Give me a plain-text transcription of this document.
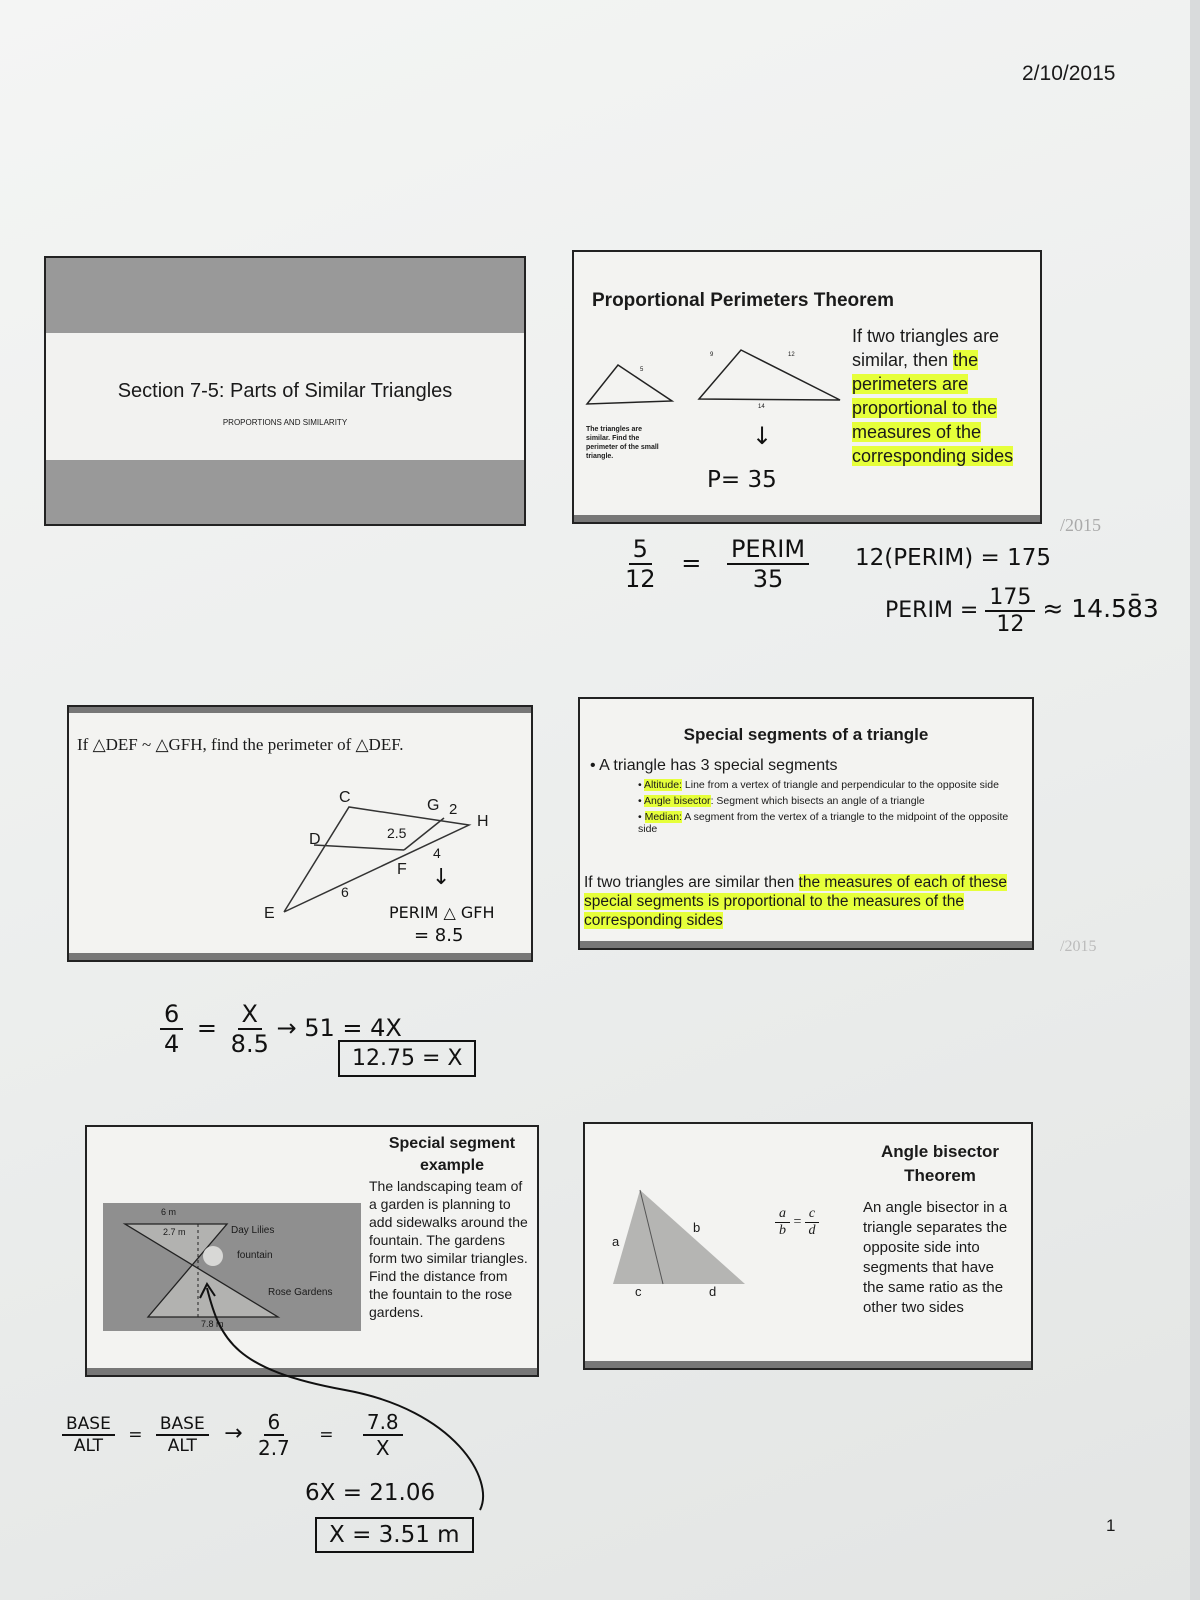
2/10/2015
1
Section 7-5: Parts of Similar Triangles
PROPORTIONS AND SIMILARITY
Proportional Perimeters Theorem
5
9	12
14
The triangles are similar. Find the perimeter of the small triangle.
If two triangles are similar, then the perimeters are proportional to the measures of the corresponding sides
↓
P= 35
/2015
$\frac{5}{12} = \frac{\text{PERIM}}{35}$ 12(PERIM) = 175
PERIM = $\frac{175}{12}$ ≈ 14.58̄3
If △DEF ~ △GFH, find the perimeter of △DEF.
C	G 2
H
D	2.5
F
4
6
E
↓
PERIM △ GFH
= 8.5
$\frac{6}{4} = \frac{X}{8.5} \to 51 = 4X$
12.75 = X
Special segments of a triangle
• A triangle has 3 special segments
• Altitude: Line from a vertex of triangle and perpendicular to the opposite side
• Angle bisector: Segment which bisects an angle of a triangle
• Median: A segment from the vertex of a triangle to the midpoint of the opposite side
If two triangles are similar then the measures of each of these special segments is proportional to the measures of the corresponding sides
/2015
Special segment example
The landscaping team of a garden is planning to add sidewalks around the fountain. The gardens form two similar triangles. Find the distance from the fountain to the rose gardens.
6 m
2.7 m	Day Lilies
fountain
Rose Gardens
7.8 m
Angle bisector Theorem
An angle bisector in a triangle separates the opposite side into segments that have the same ratio as the other two sides
a
b
c	d
$\frac{a}{b} = \frac{c}{d}$
$\frac{\text{BASE}}{\text{ALT}} = \frac{\text{BASE}}{\text{ALT}} \to \frac{6}{2.7} = \frac{7.8}{X}$
6X = 21.06
X = 3.51 m
